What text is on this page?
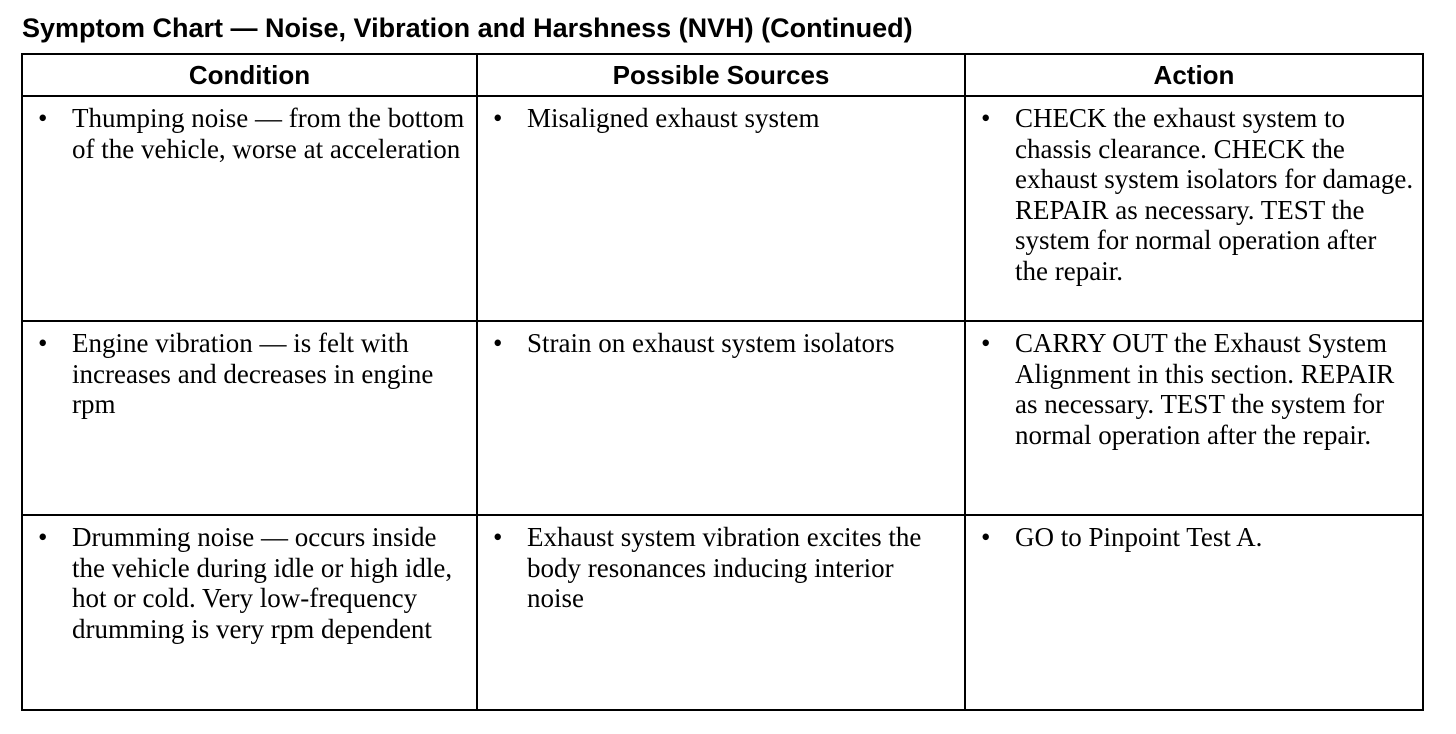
Symptom Chart — Noise, Vibration and Harshness (NVH) (Continued)
Condition	Possible Sources	Action

• Thumping noise — from the bottom of the vehicle, worse at acceleration	• Misaligned exhaust system	• CHECK the exhaust system to chassis clearance. CHECK the exhaust system isolators for damage. REPAIR as necessary. TEST the system for normal operation after the repair.

• Engine vibration — is felt with increases and decreases in engine rpm	• Strain on exhaust system isolators	• CARRY OUT the Exhaust System Alignment in this section. REPAIR as necessary. TEST the system for normal operation after the repair.

• Drumming noise — occurs inside the vehicle during idle or high idle, hot or cold. Very low-frequency drumming is very rpm dependent	• Exhaust system vibration excites the body resonances inducing interior noise	• GO to Pinpoint Test A.
